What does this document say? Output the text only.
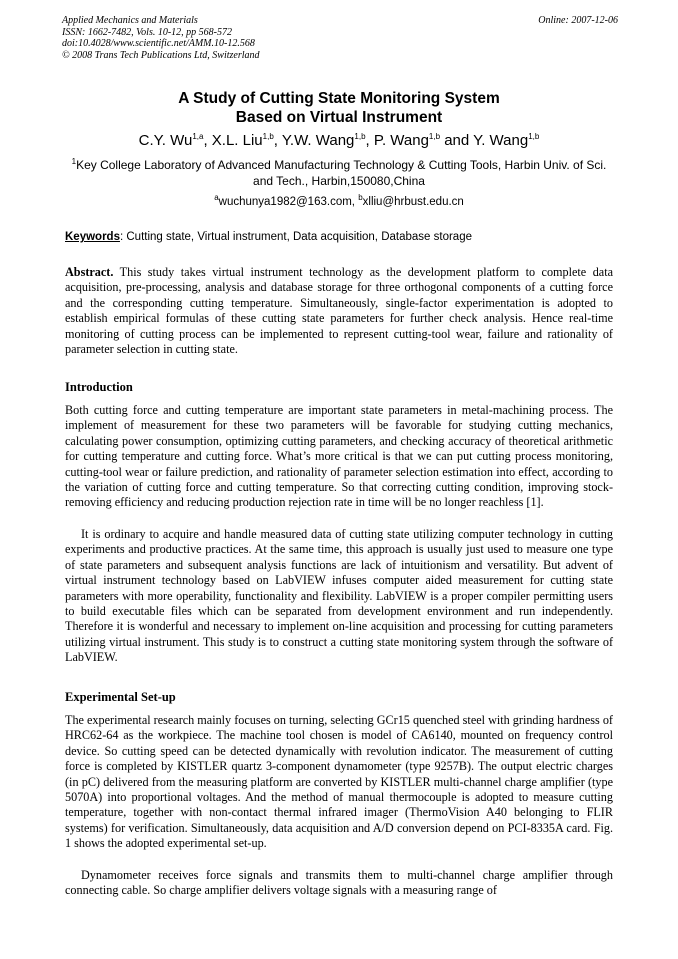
Applied Mechanics and Materials
ISSN: 1662-7482, Vols. 10-12, pp 568-572
doi:10.4028/www.scientific.net/AMM.10-12.568
© 2008 Trans Tech Publications Ltd, Switzerland
Online: 2007-12-06
A Study of Cutting State Monitoring System
Based on Virtual Instrument
C.Y. Wu$^{1,a}$, X.L. Liu$^{1,b}$, Y.W. Wang$^{1,b}$, P. Wang$^{1,b}$ and Y. Wang$^{1,b}$
$^1$Key College Laboratory of Advanced Manufacturing Technology & Cutting Tools, Harbin Univ. of Sci. and Tech., Harbin,150080,China
$^a$wuchunya1982@163.com, $^b$xlliu@hrbust.edu.cn
Keywords: Cutting state, Virtual instrument, Data acquisition, Database storage
Abstract. This study takes virtual instrument technology as the development platform to complete data acquisition, pre-processing, analysis and database storage for three orthogonal components of a cutting force and the corresponding cutting temperature. Simultaneously, single-factor experimentation is adopted to establish empirical formulas of these cutting state parameters for further check analysis. Hence real-time monitoring of cutting process can be implemented to represent cutting-tool wear, failure and rationality of parameter selection in cutting state.
Introduction
Both cutting force and cutting temperature are important state parameters in metal-machining process. The implement of measurement for these two parameters will be favorable for studying cutting mechanics, calculating power consumption, optimizing cutting parameters, and checking accuracy of theoretical arithmetic for cutting temperature and cutting force. What’s more critical is that we can put cutting process monitoring, cutting-tool wear or failure prediction, and rationality of parameter selection estimation into effect, according to the variation of cutting force and cutting temperature. So that correcting cutting condition, improving stock-removing efficiency and reducing production rejection rate in time will be no longer reachless [1].
It is ordinary to acquire and handle measured data of cutting state utilizing computer technology in cutting experiments and productive practices. At the same time, this approach is usually just used to measure one type of state parameters and subsequent analysis functions are lack of intuitionism and versatility. But advent of virtual instrument technology based on LabVIEW infuses computer aided measurement for cutting state parameters with more operability, functionality and flexibility. LabVIEW is a proper compiler permitting users to build executable files which can be separated from development environment and run independently. Therefore it is wonderful and necessary to implement on-line acquisition and processing for cutting parameters utilizing virtual instrument. This study is to construct a cutting state monitoring system through the software of LabVIEW.
Experimental Set-up
The experimental research mainly focuses on turning, selecting GCr15 quenched steel with grinding hardness of HRC62-64 as the workpiece. The machine tool chosen is model of CA6140, mounted on frequency control device. So cutting speed can be detected dynamically with revolution indicator. The measurement of cutting force is completed by KISTLER quartz 3-component dynamometer (type 9257B). The output electric charges (in pC) delivered from the measuring platform are converted by KISTLER multi-channel charge amplifier (type 5070A) into proportional voltages. And the method of manual thermocouple is adopted to measure cutting temperature, together with non-contact thermal infrared imager (ThermoVision A40 belonging to FLIR systems) for verification. Simultaneously, data acquisition and A/D conversion depend on PCI-8335A card. Fig. 1 shows the adopted experimental set-up.
Dynamometer receives force signals and transmits them to multi-channel charge amplifier through connecting cable. So charge amplifier delivers voltage signals with a measuring range of
